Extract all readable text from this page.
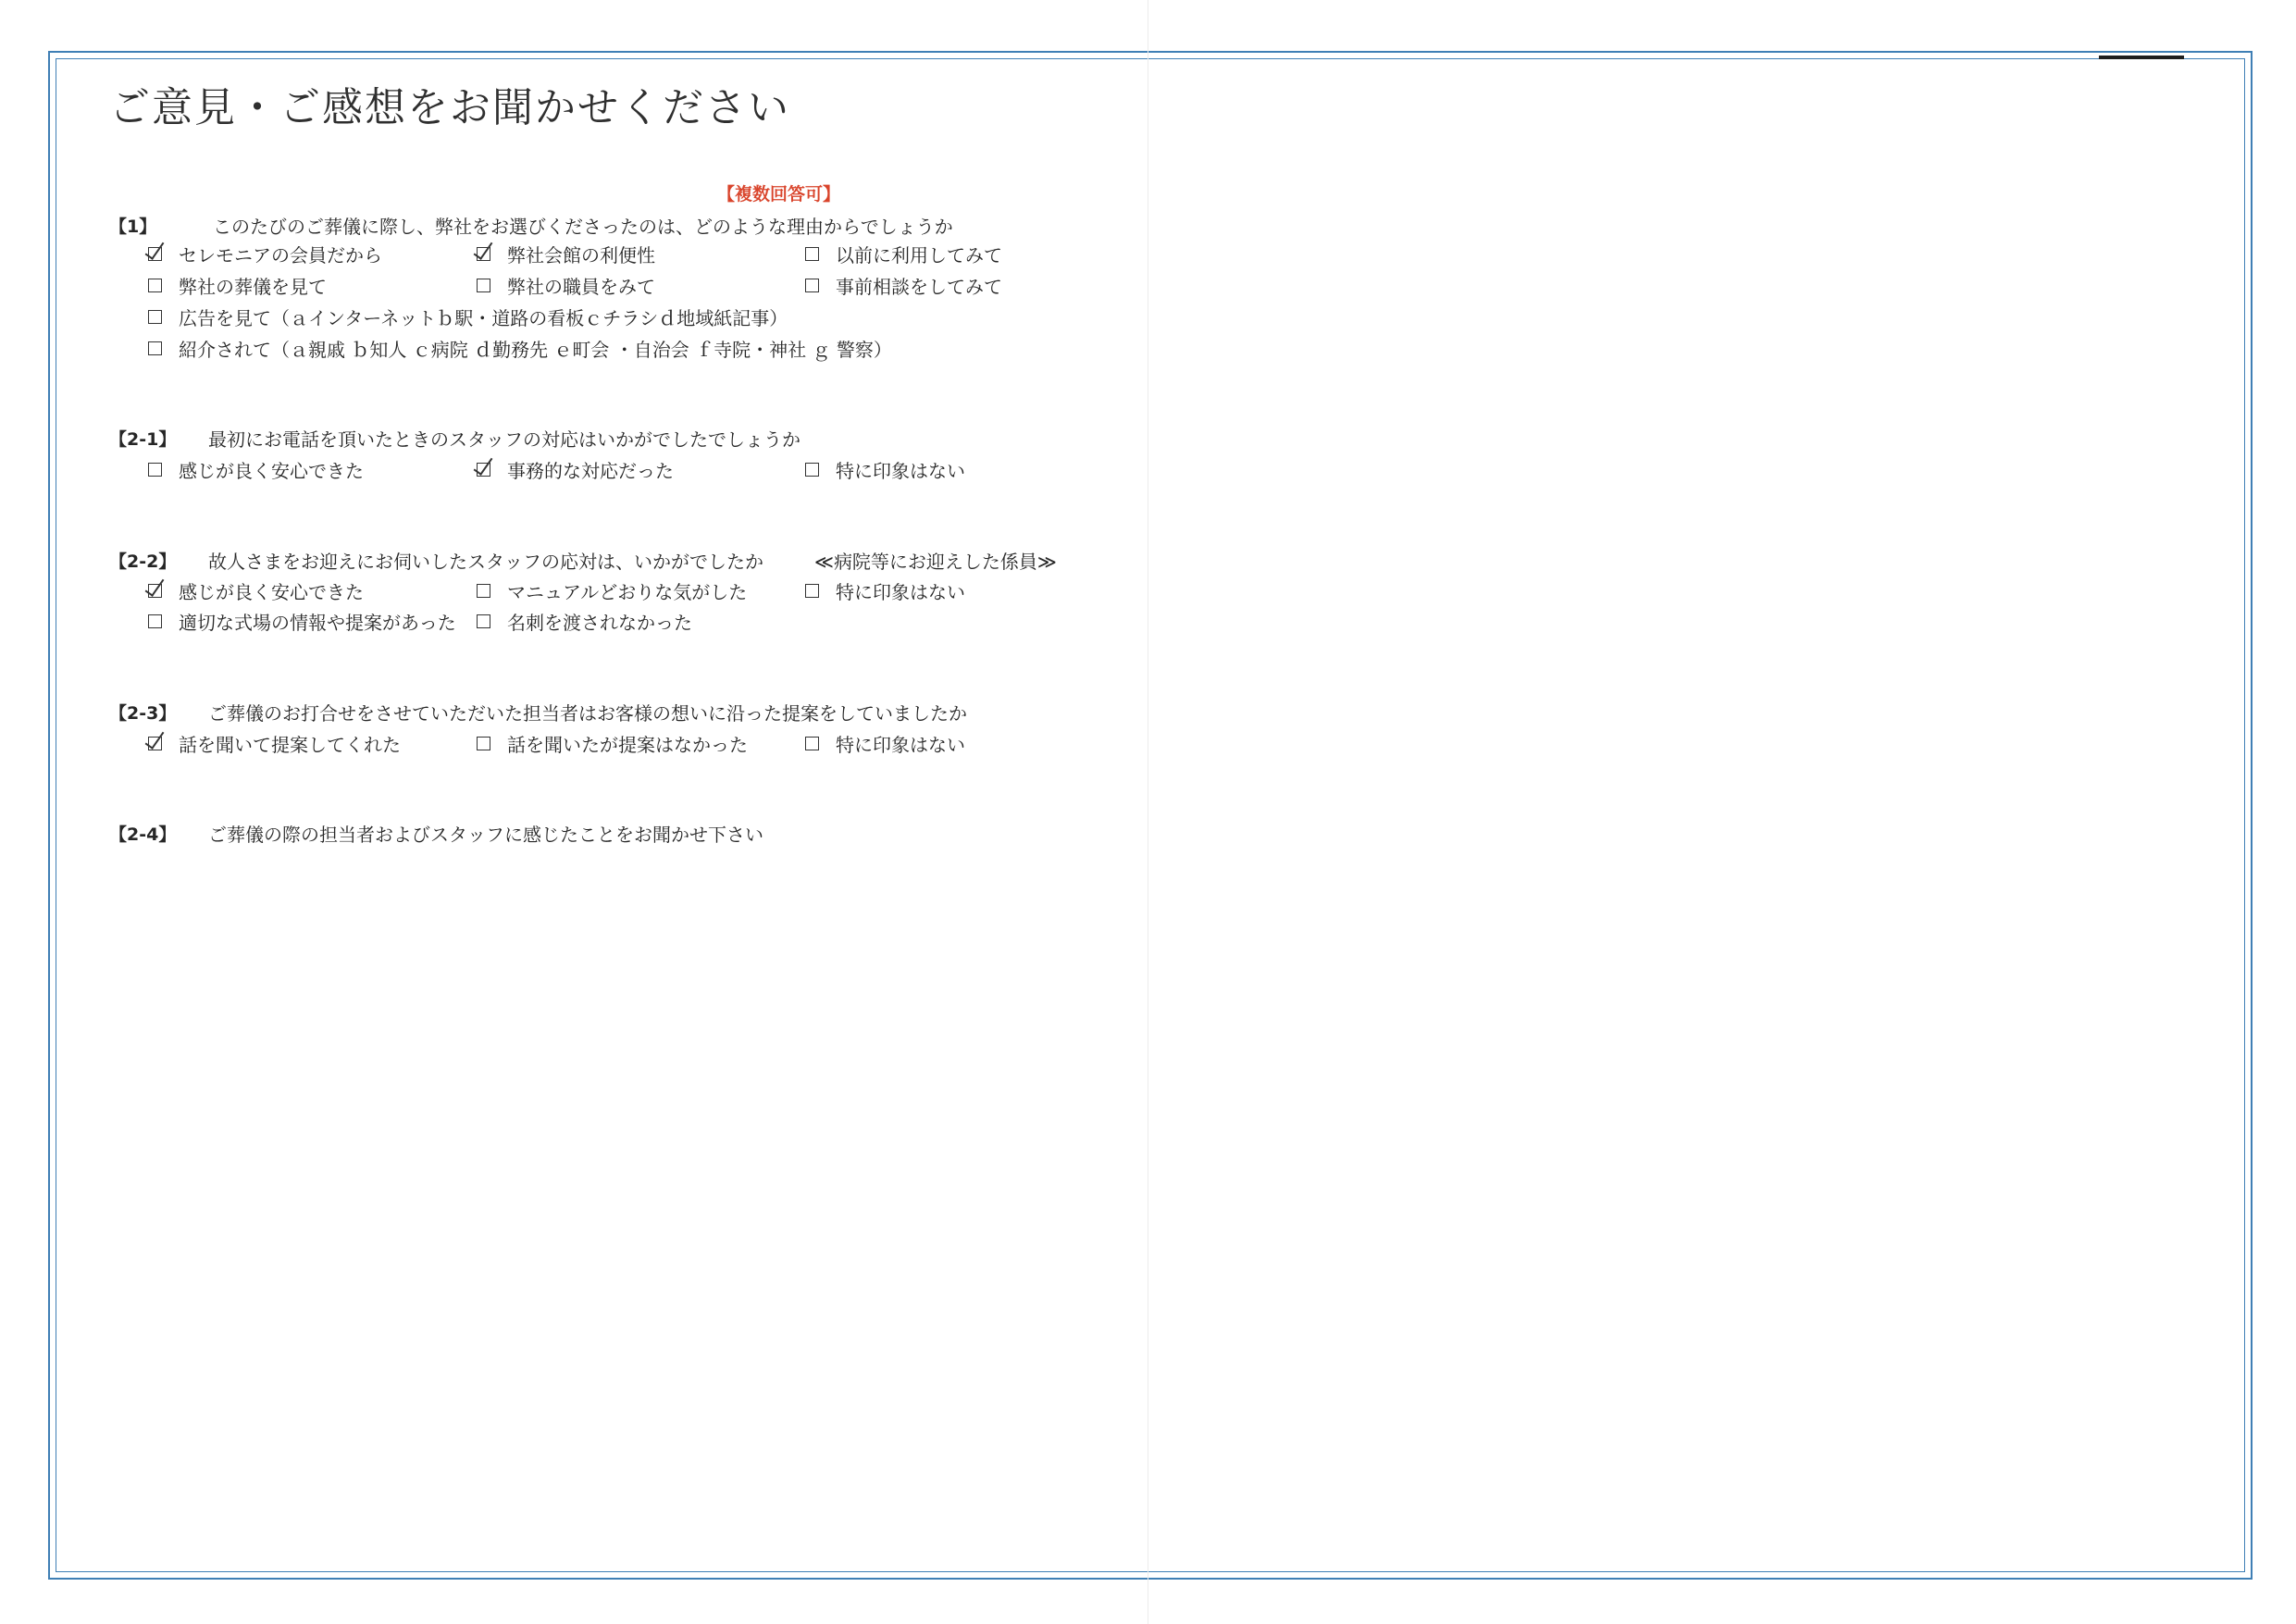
ご意見・ご感想をお聞かせください
【複数回答可】
【1】	このたびのご葬儀に際し、弊社をお選びくださったのは、どのような理由からでしょうか
セレモニアの会員だから	弊社会館の利便性	以前に利用してみて
弊社の葬儀を見て	弊社の職員をみて	事前相談をしてみて
広告を見て（ａインターネットｂ駅・道路の看板ｃチラシｄ地域紙記事）
紹介されて（ａ親戚 ｂ知人 ｃ病院 ｄ勤務先 ｅ町会 ・自治会 ｆ寺院・神社 ｇ 警察）
【2-1】 最初にお電話を頂いたときのスタッフの対応はいかがでしたでしょうか
感じが良く安心できた	事務的な対応だった	特に印象はない
【2-2】 故人さまをお迎えにお伺いしたスタッフの応対は、いかがでしたか	≪病院等にお迎えした係員≫
感じが良く安心できた	マニュアルどおりな気がした	特に印象はない
適切な式場の情報や提案があった	名刺を渡されなかった
【2-3】 ご葬儀のお打合せをさせていただいた担当者はお客様の想いに沿った提案をしていましたか
話を聞いて提案してくれた	話を聞いたが提案はなかった	特に印象はない
【2-4】 ご葬儀の際の担当者およびスタッフに感じたことをお聞かせ下さい
